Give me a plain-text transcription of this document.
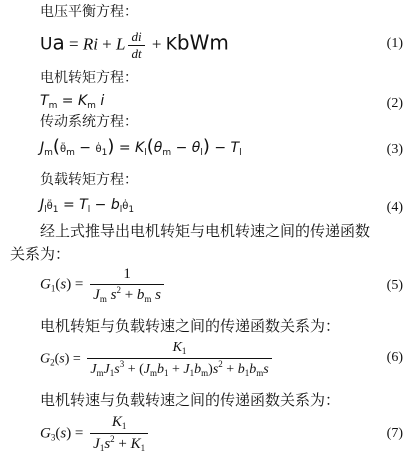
电压平衡方程：
Ua = Ri + L $\frac{di}{dt}$ + KbWm	(1)
电机转矩方程：
$T_m = K_m$ i	(2)
传动系统方程：
$J_m(\thetä_m$ − $\thetȧ_1) = K_l(\theta_m - \theta_l) - T_l$	(3)
负载转矩方程：
$J_l\thetä_1 = T_l$ − $b_l\thetȧ_1$	(4)
经上式推导出电机转矩与电机转速之间的传递函数
关系为：
$G_1(s) = \frac{1}{J_m s^2 + b_m s}$	(5)
电机转矩与负载转速之间的传递函数关系为：
$G_2(s) = \frac{K_1}{J_mJ_1s^3 + (J_mb_1 + J_1b_m)s^2 + b_1b_ms}$	(6)
电机转速与负载转速之间的传递函数关系为：
$G_3(s) = \frac{K_1}{J_1s^2 + K_1}$	(7)
